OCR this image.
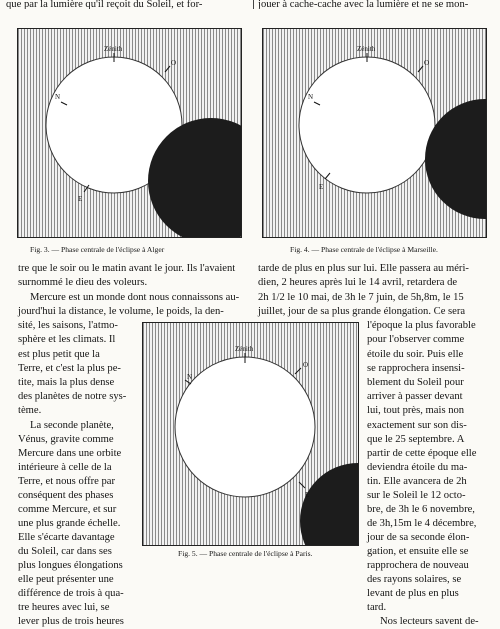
que par la lumière qu'il reçoit du Soleil, et for-	jouer à cache-cache avec la lumière et ne se mon-
Zénith
O
N
E
Fig. 3. — Phase centrale de l'éclipse à Alger
Zénith
O
N
E
Fig. 4. — Phase centrale de l'éclipse à Marseille.
tre que le soir ou le matin avant le jour. Ils l'avaient
surnommé le dieu des voleurs.
Mercure est un monde dont nous connaissons au-
jourd'hui la distance, le volume, le poids, la den-
sité, les saisons, l'atmo-
sphère et les climats. Il
est plus petit que la
Terre, et c'est la plus pe-
tite, mais la plus dense
des planètes de notre sys-
tème.
La seconde planète,
Vénus, gravite comme
Mercure dans une orbite
intérieure à celle de la
Terre, et nous offre par
conséquent des phases
comme Mercure, et sur
une plus grande échelle.
Elle s'écarte davantage
du Soleil, car dans ses
plus longues élongations
elle peut présenter une
différence de trois à qua-
tre heures avec lui, se
lever plus de trois heures
tarde de plus en plus sur lui. Elle passera au méri-
dien, 2 heures après lui le 14 avril, retardera de
2h 1/2 le 10 mai, de 3h le 7 juin, de 5h,8m, le 15
juillet, jour de sa plus grande élongation. Ce sera
l'époque la plus favorable
pour l'observer comme
étoile du soir. Puis elle
se rapprochera insensi-
blement du Soleil pour
arriver à passer devant
lui, tout près, mais non
exactement sur son dis-
que le 25 septembre. A
partir de cette époque elle
deviendra étoile du ma-
tin. Elle avancera de 2h
sur le Soleil le 12 octo-
bre, de 3h le 6 novembre,
de 3h,15m le 4 décembre,
jour de sa seconde élon-
gation, et ensuite elle se
rapprochera de nouveau
des rayons solaires, se
levant de plus en plus
tard.
Nos lecteurs savent de-
Zénith
O
N
E
Fig. 5. — Phase centrale de l'éclipse à Paris.
